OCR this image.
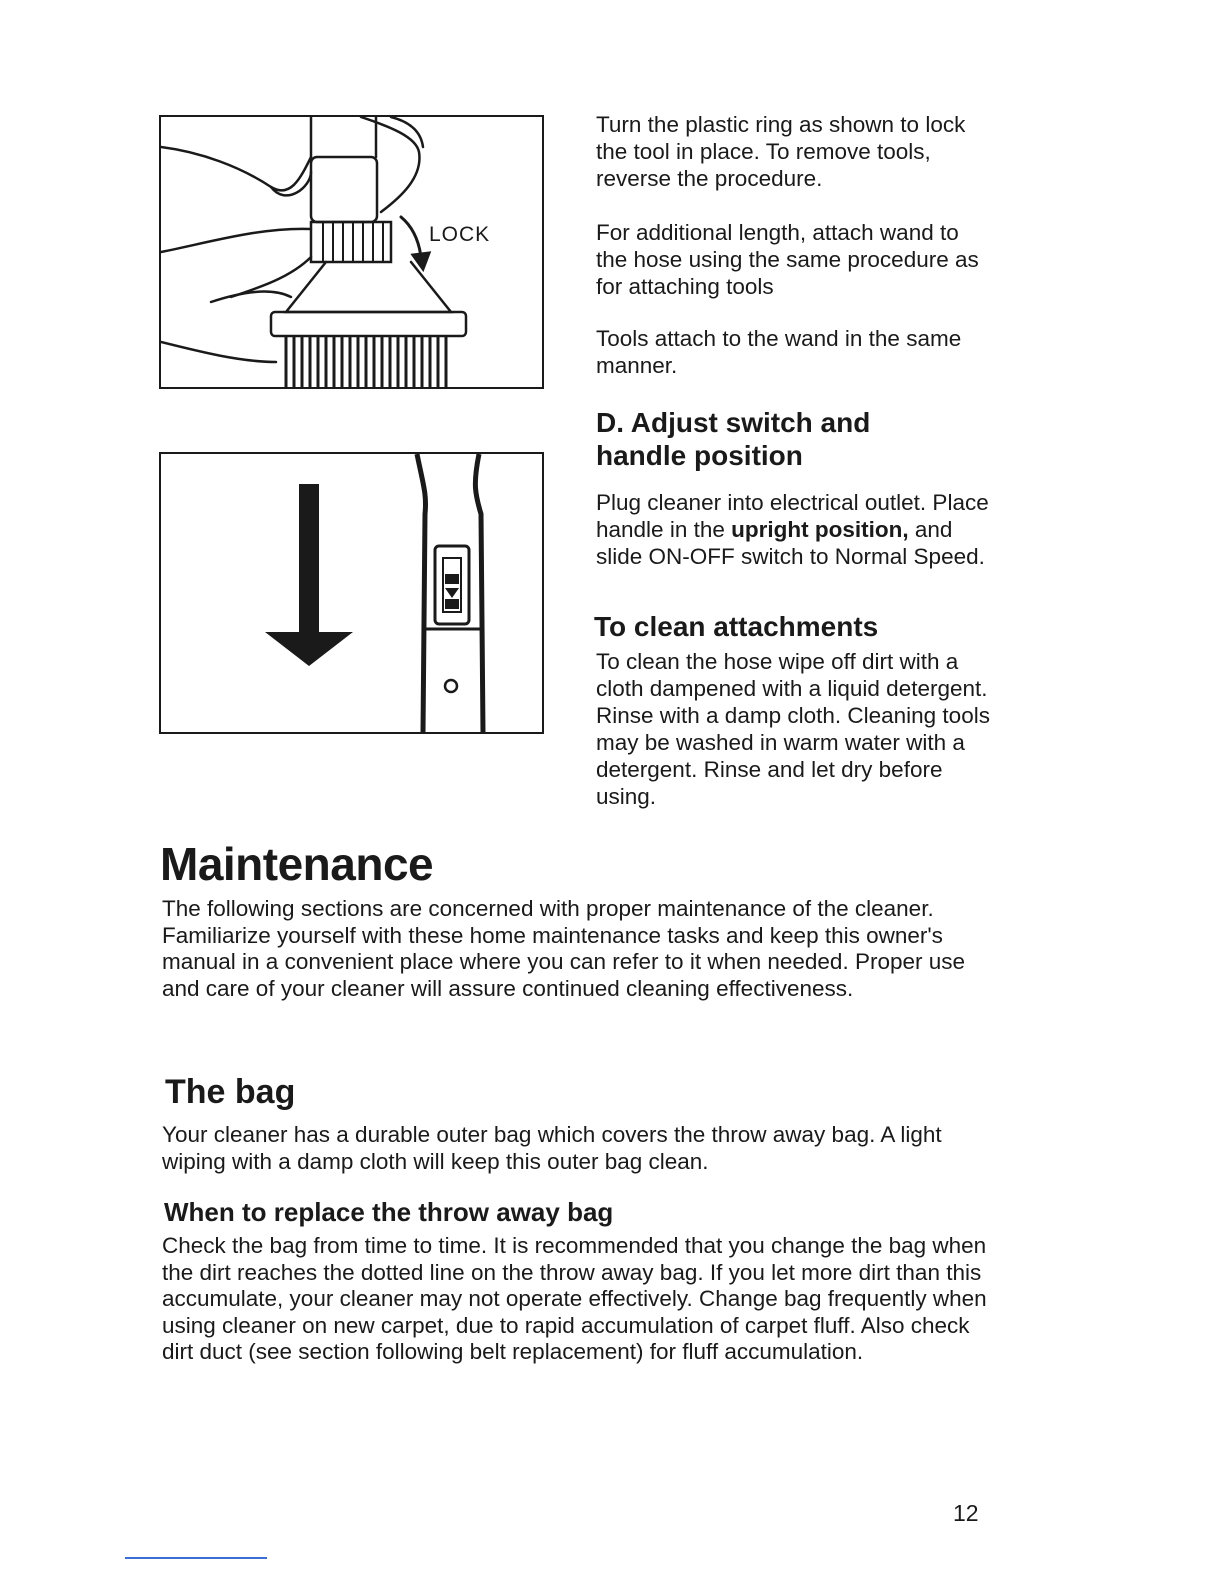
LOCK

Turn the plastic ring as shown to lock the tool in place. To remove tools, reverse the procedure.

For additional length, attach wand to the hose using the same procedure as for attaching tools

Tools attach to the wand in the same manner.

D. Adjust switch and handle position

Plug cleaner into electrical outlet. Place handle in the upright position, and slide ON-OFF switch to Normal Speed.

To clean attachments

To clean the hose wipe off dirt with a cloth dampened with a liquid detergent. Rinse with a damp cloth. Cleaning tools may be washed in warm water with a detergent. Rinse and let dry before using.

Maintenance
The following sections are concerned with proper maintenance of the cleaner. Familiarize yourself with these home maintenance tasks and keep this owner's manual in a convenient place where you can refer to it when needed. Proper use and care of your cleaner will assure continued cleaning effectiveness.
The bag
Your cleaner has a durable outer bag which covers the throw away bag. A light wiping with a damp cloth will keep this outer bag clean.
When to replace the throw away bag
Check the bag from time to time. It is recommended that you change the bag when the dirt reaches the dotted line on the throw away bag. If you let more dirt than this accumulate, your cleaner may not operate effectively. Change bag frequently when using cleaner on new carpet, due to rapid accumulation of carpet fluff. Also check dirt duct (see section following belt replacement) for fluff accumulation.
12
